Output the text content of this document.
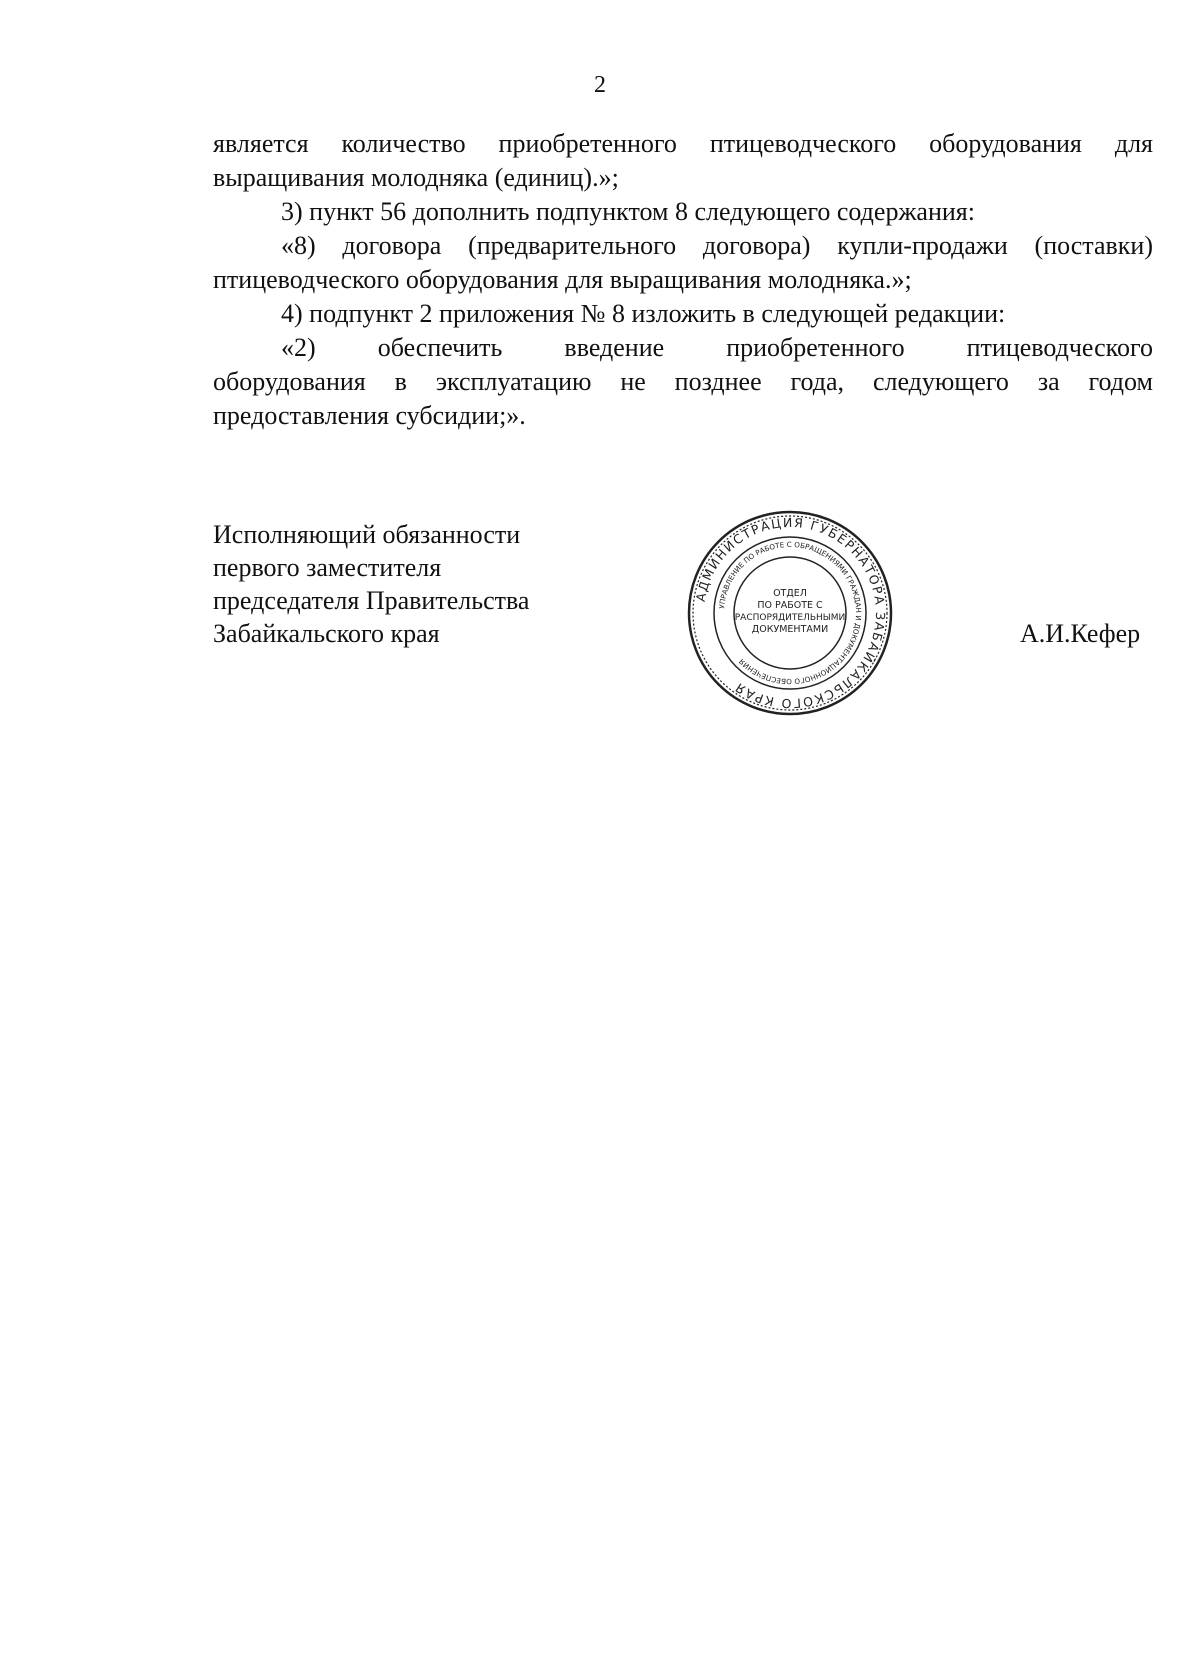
2

является количество приобретенного птицеводческого оборудования для выращивания молодняка (единиц).»;

3) пункт 56 дополнить подпунктом 8 следующего содержания:

«8) договора (предварительного договора) купли-продажи (поставки) птицеводческого оборудования для выращивания молодняка.»;

4) подпункт 2 приложения № 8 изложить в следующей редакции:

«2) обеспечить введение приобретенного птицеводческого

оборудования в эксплуатацию не позднее года, следующего за годом предоставления субсидии;».

Исполняющий обязанности
первого заместителя
председателя Правительства
Забайкальского края
АДМИНИСТРАЦИЯ ГУБЕРНАТОРА ЗАБАЙКАЛЬСКОГО КРАЯ
УПРАВЛЕНИЕ ПО РАБОТЕ С ОБРАЩЕНИЯМИ ГРАЖДАН И ДОКУМЕНТАЦИОННОГО ОБЕСПЕЧЕНИЯ
ОТДЕЛ
ПО РАБОТЕ С
РАСПОРЯДИТЕЛЬНЫМИ
ДОКУМЕНТАМИ	А.И.Кефер
